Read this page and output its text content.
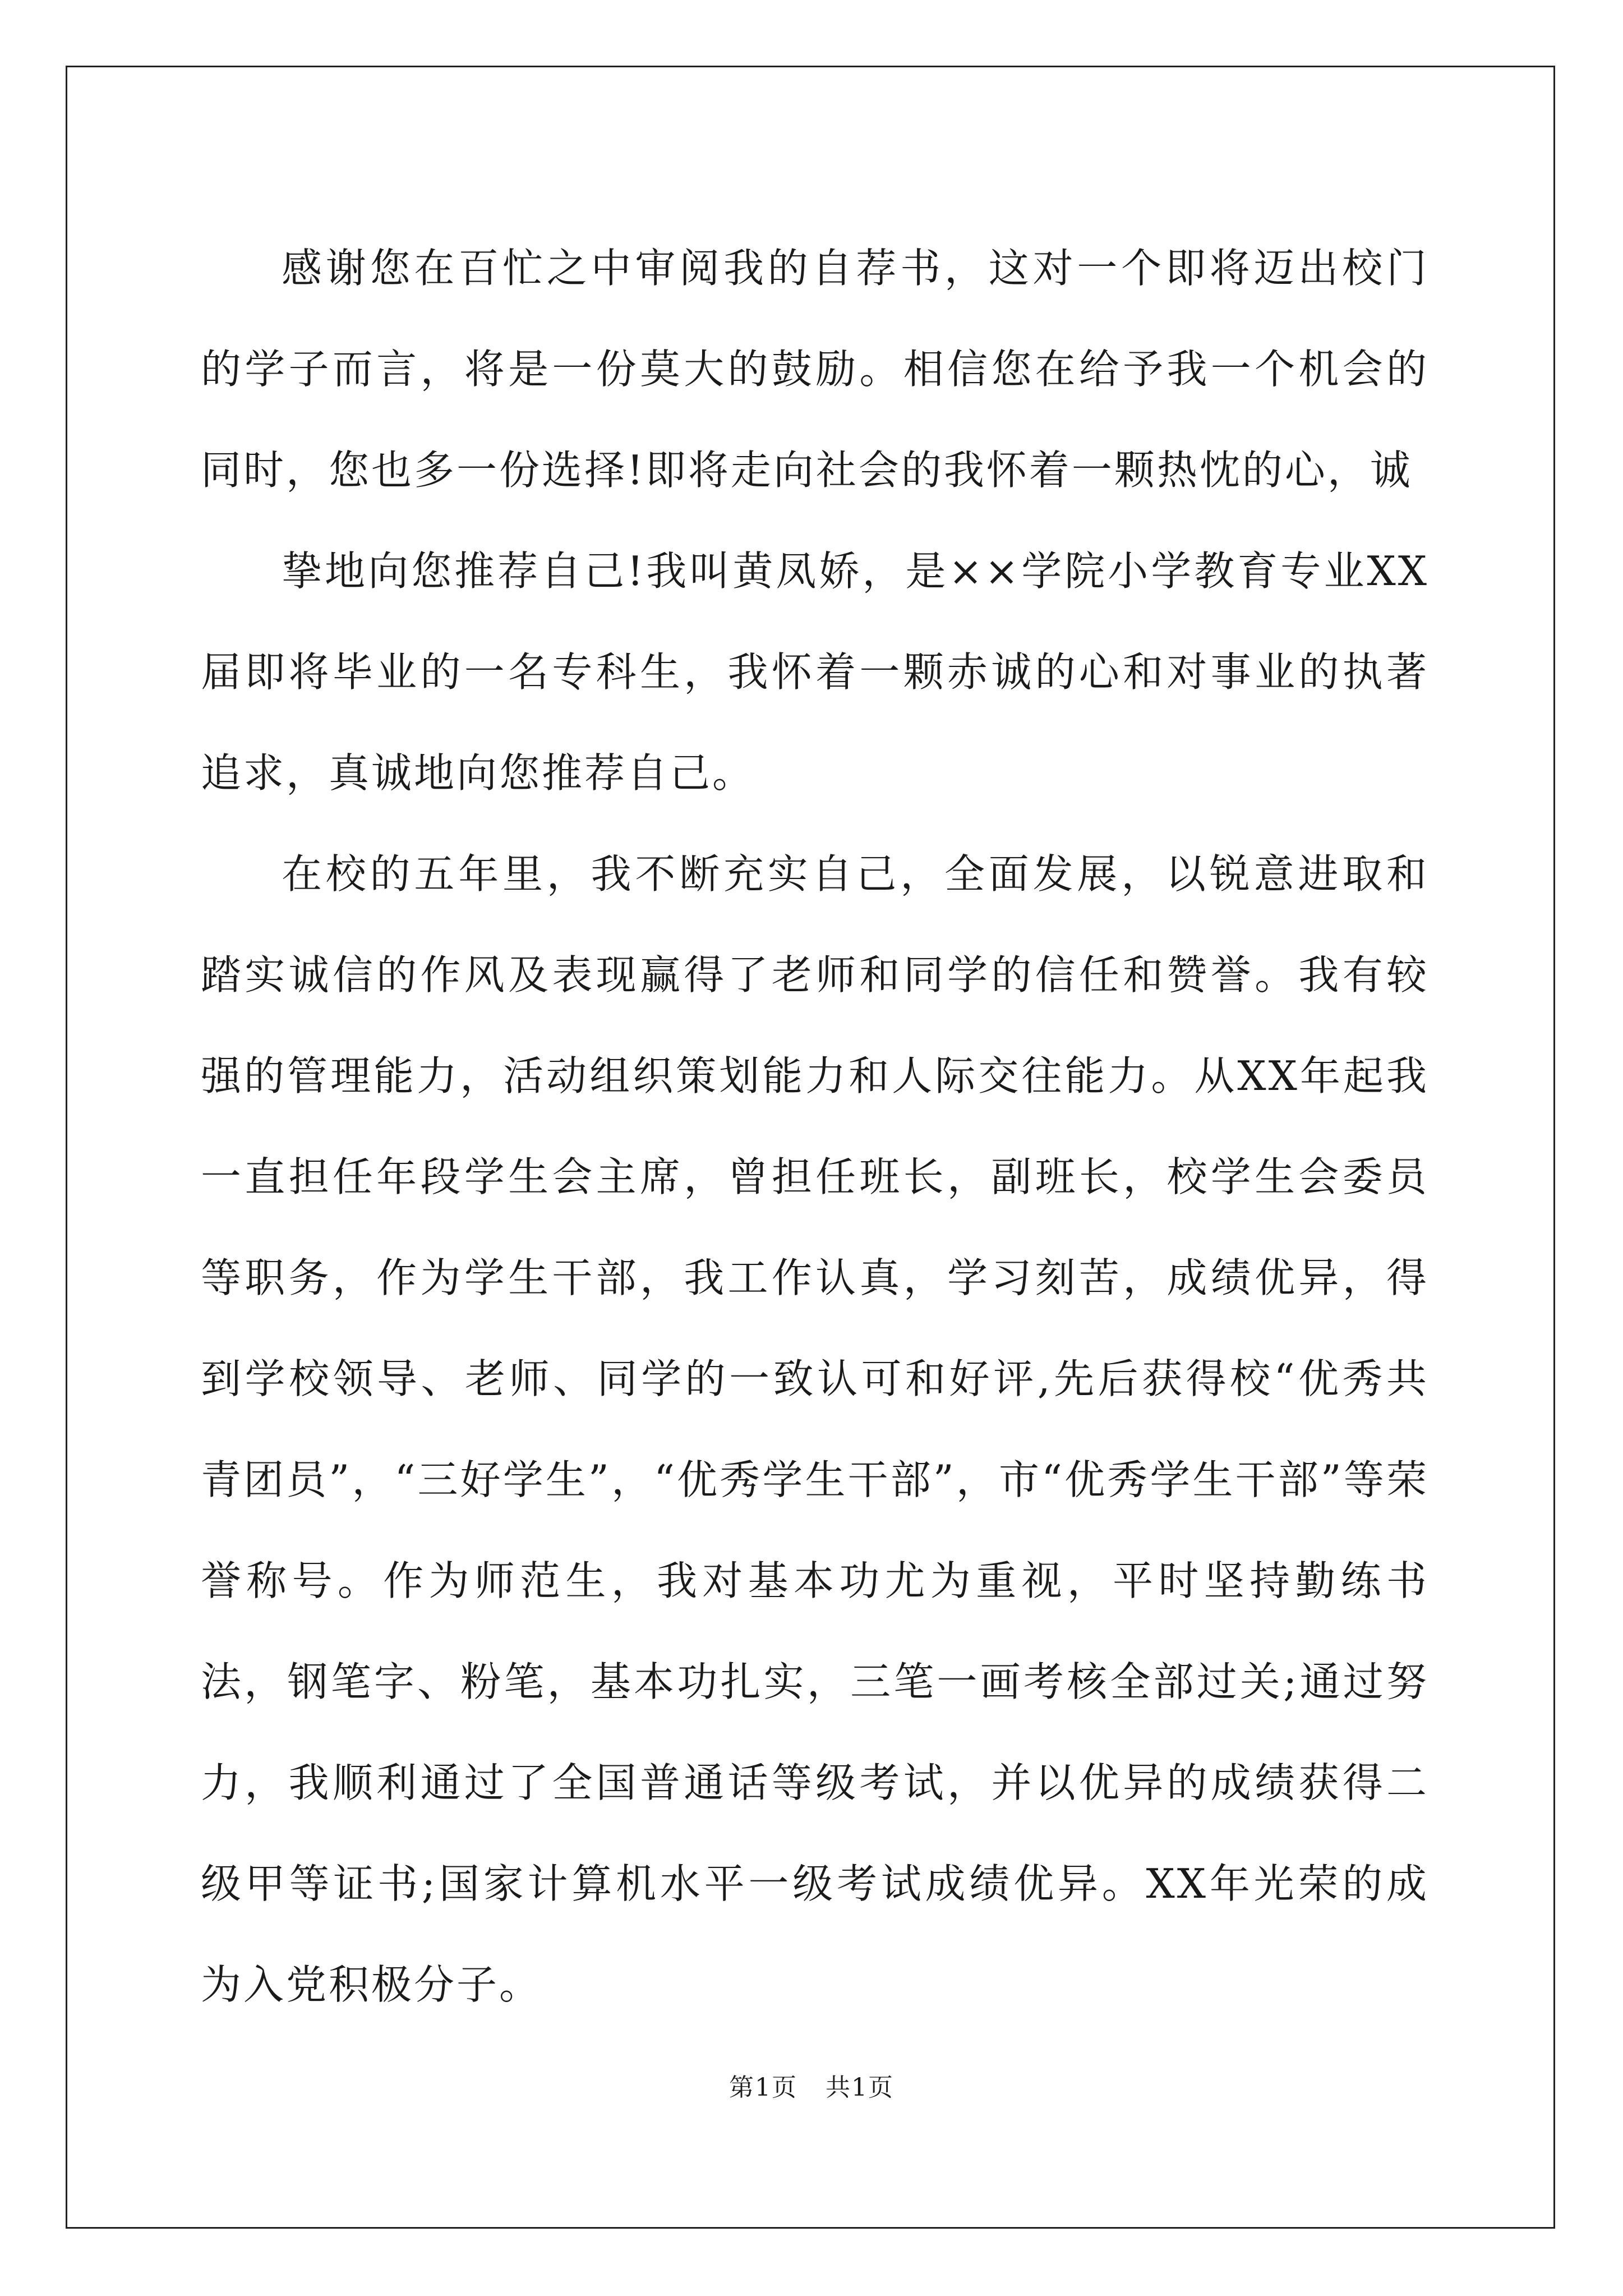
感谢您在百忙之中审阅我的自荐书，这对一个即将迈出校门的学子而言，将是一份莫大的鼓励。相信您在给予我一个机会的同时，您也多一份选择!即将走向社会的我怀着一颗热忱的心，诚

挚地向您推荐自己!我叫黄凤娇，是××学院小学教育专业XX届即将毕业的一名专科生，我怀着一颗赤诚的心和对事业的执著追求，真诚地向您推荐自己。

在校的五年里，我不断充实自己，全面发展，以锐意进取和踏实诚信的作风及表现赢得了老师和同学的信任和赞誉。我有较强的管理能力，活动组织策划能力和人际交往能力。从XX年起我一直担任年段学生会主席，曾担任班长，副班长，校学生会委员等职务，作为学生干部，我工作认真，学习刻苦，成绩优异，得到学校领导、老师、同学的一致认可和好评,先后获得校“优秀共青团员”，“三好学生”，“优秀学生干部”，市“优秀学生干部”等荣誉称号。作为师范生，我对基本功尤为重视，平时坚持勤练书法，钢笔字、粉笔，基本功扎实，三笔一画考核全部过关;通过努力，我顺利通过了全国普通话等级考试，并以优异的成绩获得二级甲等证书;国家计算机水平一级考试成绩优异。XX年光荣的成为入党积极分子。

第1页 共1页
